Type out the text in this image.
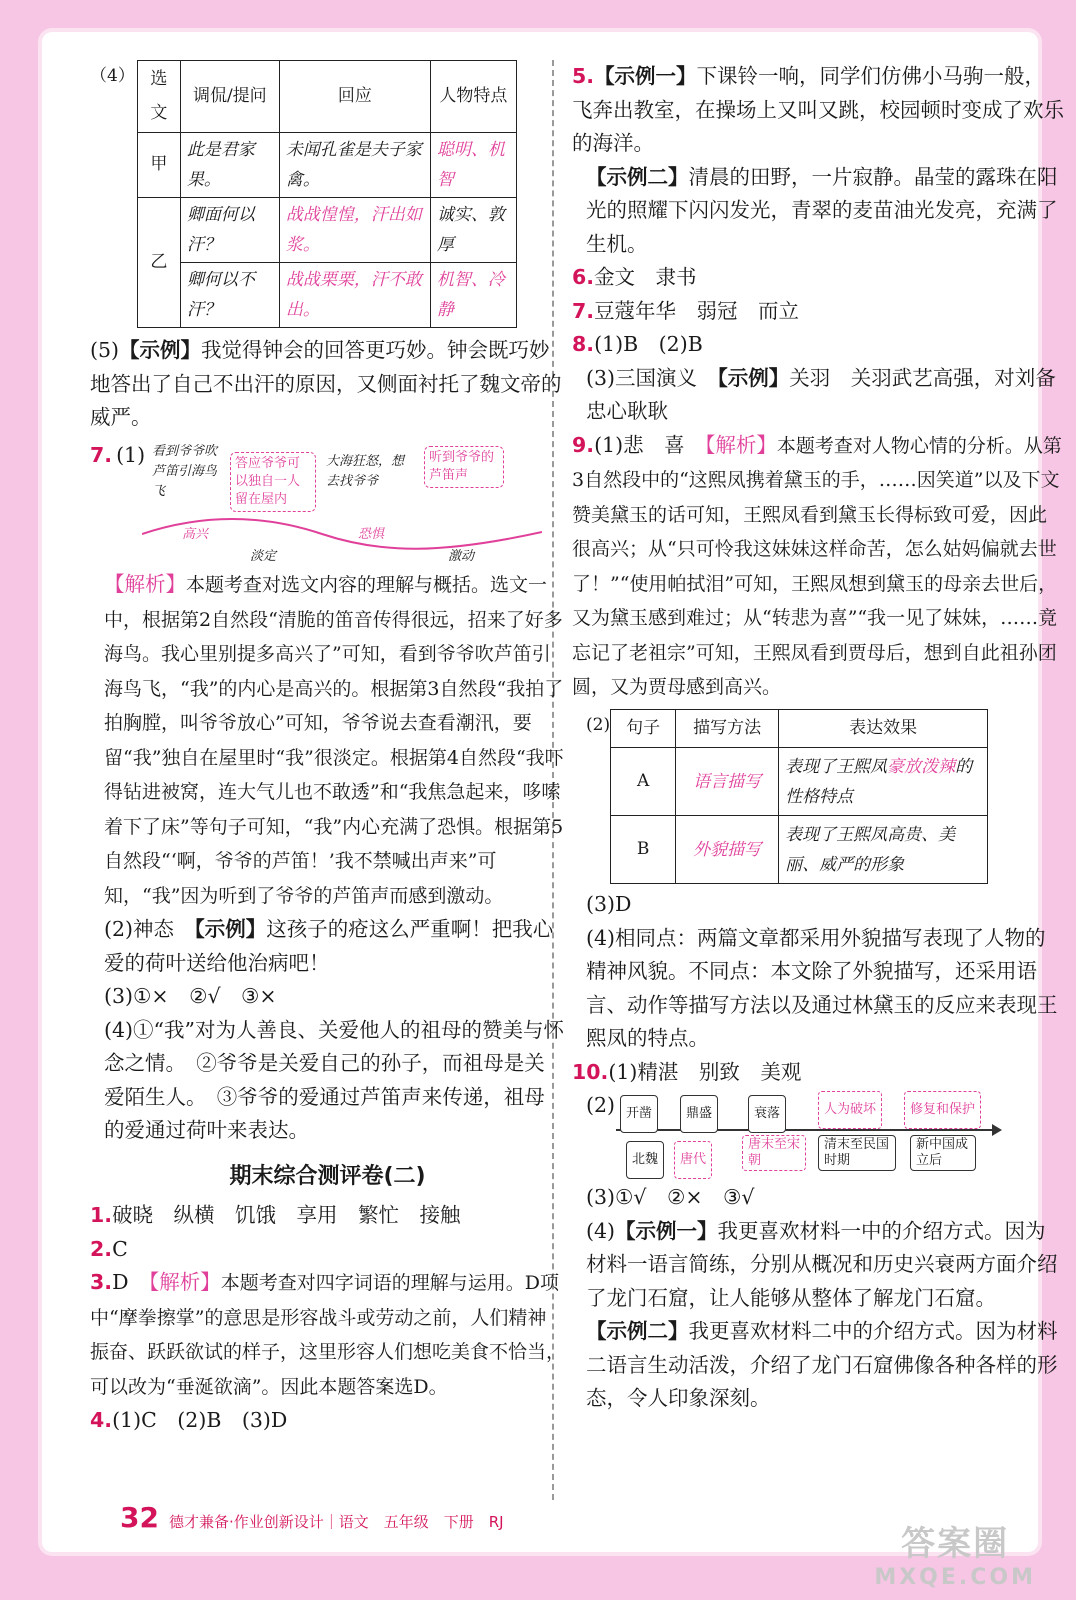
（4） 选文	调侃/提问	回应	人物特点
甲	此是君家果。	未闻孔雀是夫子家禽。	聪明、机智
乙	卿面何以汗？	战战惶惶，汗出如浆。	诚实、敦厚
	卿何以不汗？	战战栗栗，汗不敢出。	机智、冷静

(5)【示例】我觉得钟会的回答更巧妙。钟会既巧妙地答出了自己不出汗的原因，又侧面衬托了魏文帝的威严。

7. (1) 看到爷爷吹芦笛引海鸟飞
答应爷爷可以独自一人留在屋内
大海狂怒，想去找爷爷
听到爷爷的芦笛声
高兴
淡定
恐惧
激动

【解析】本题考查对选文内容的理解与概括。选文一中，根据第2自然段“清脆的笛音传得很远，招来了好多海鸟。我心里别提多高兴了”可知，看到爷爷吹芦笛引海鸟飞，“我”的内心是高兴的。根据第3自然段“我拍了拍胸膛，叫爷爷放心”可知，爷爷说去查看潮汛，要留“我”独自在屋里时“我”很淡定。根据第4自然段“我吓得钻进被窝，连大气儿也不敢透”和“我焦急起来，哆嗦着下了床”等句子可知，“我”内心充满了恐惧。根据第5自然段“‘啊，爷爷的芦笛！’我不禁喊出声来”可知，“我”因为听到了爷爷的芦笛声而感到激动。

(2)神态　 【示例】这孩子的疮这么严重啊！把我心爱的荷叶送给他治病吧！

(3)①×　②√　③×

(4)①“我”对为人善良、关爱他人的祖母的赞美与怀念之情。　②爷爷是关爱自己的孙子，而祖母是关爱陌生人。　③爷爷的爱通过芦笛声来传递，祖母的爱通过荷叶来表达。

期末综合测评卷(二)

1.破晓　纵横　饥饿　享用　繁忙　接触

2.C

3.D　 【解析】本题考查对四字词语的理解与运用。D项中“摩拳擦掌”的意思是形容战斗或劳动之前，人们精神振奋、跃跃欲试的样子，这里形容人们想吃美食不恰当，可以改为“垂涎欲滴”。因此本题答案选D。

4.(1)C　(2)B　(3)D

5.【示例一】下课铃一响，同学们仿佛小马驹一般，飞奔出教室，在操场上又叫又跳，校园顿时变成了欢乐的海洋。

【示例二】清晨的田野，一片寂静。晶莹的露珠在阳光的照耀下闪闪发光，青翠的麦苗油光发亮，充满了生机。

6.金文　隶书

7.豆蔻年华　弱冠　而立

8.(1)B　(2)B

(3)三国演义　【示例】关羽　关羽武艺高强，对刘备忠心耿耿

9.(1)悲　喜　【解析】本题考查对人物心情的分析。从第3自然段中的“这熙凤携着黛玉的手，……因笑道”以及下文赞美黛玉的话可知，王熙凤看到黛玉长得标致可爱，因此很高兴；从“只可怜我这妹妹这样命苦，怎么姑妈偏就去世了！”“使用帕拭泪”可知，王熙凤想到黛玉的母亲去世后，又为黛玉感到难过；从“转悲为喜”“我一见了妹妹，……竟忘记了老祖宗”可知，王熙凤看到贾母后，想到自此祖孙团圆，又为贾母感到高兴。

(2) 句子	描写方法	表达效果
A	语言描写	表现了王熙凤豪放泼辣的性格特点
B	外貌描写	表现了王熙凤高贵、美丽、威严的形象

(3)D

(4)相同点：两篇文章都采用外貌描写表现了人物的精神风貌。不同点：本文除了外貌描写，还采用语言、动作等描写方法以及通过林黛玉的反应来表现王熙凤的特点。

10.(1)精湛　别致　美观

(2) 开凿	鼎盛	衰落	人为破坏	修复和保护
北魏	唐代
唐末至宋朝
清末至民国时期
新中国成立后

(3)①√　②×　③√

(4)【示例一】我更喜欢材料一中的介绍方式。因为材料一语言简练，分别从概况和历史兴衰两方面介绍了龙门石窟，让人能够从整体了解龙门石窟。

【示例二】我更喜欢材料二中的介绍方式。因为材料二语言生动活泼，介绍了龙门石窟佛像各种各样的形态，令人印象深刻。

32 德才兼备·作业创新设计｜语文　五年级　下册　RJ
答案圈
MXQE.COM
